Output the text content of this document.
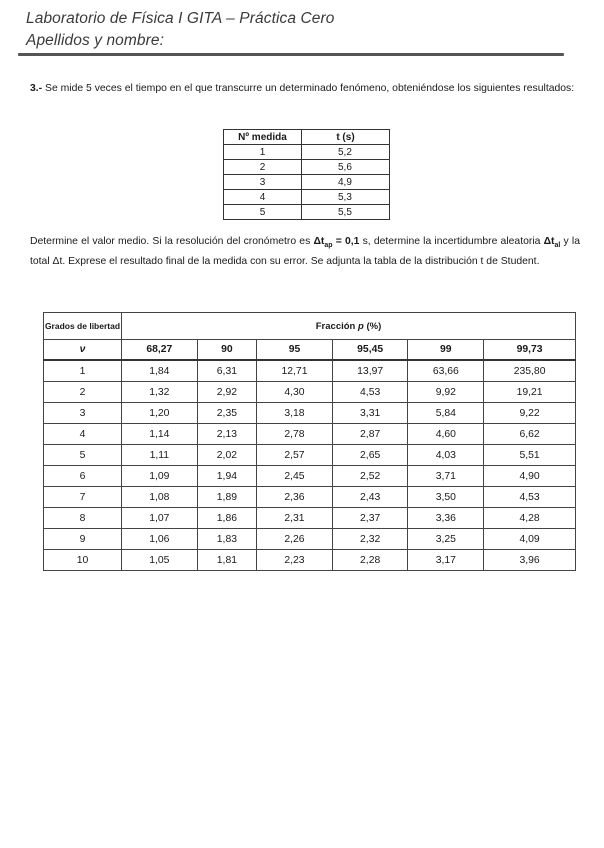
Laboratorio de Física I GITA – Práctica Cero
Apellidos y nombre:
3.- Se mide 5 veces el tiempo en el que transcurre un determinado fenómeno, obteniéndose los siguientes resultados:
Nº medida	t (s)
1	5,2
2	5,6
3	4,9
4	5,3
5	5,5
Determine el valor medio. Si la resolución del cronómetro es $\Delta t_{ap} = 0,1$ s, determine la incertidumbre aleatoria $\Delta t_{al}$ y la total Δt. Exprese el resultado final de la medida con su error. Se adjunta la tabla de la distribución t de Student.
Grados de libertad	Fracción p (%)					
ν	68,27	90	95	95,45	99	99,73
1	1,84	6,31	12,71	13,97	63,66	235,80
2	1,32	2,92	4,30	4,53	9,92	19,21
3	1,20	2,35	3,18	3,31	5,84	9,22
4	1,14	2,13	2,78	2,87	4,60	6,62
5	1,11	2,02	2,57	2,65	4,03	5,51
6	1,09	1,94	2,45	2,52	3,71	4,90
7	1,08	1,89	2,36	2,43	3,50	4,53
8	1,07	1,86	2,31	2,37	3,36	4,28
9	1,06	1,83	2,26	2,32	3,25	4,09
10	1,05	1,81	2,23	2,28	3,17	3,96
